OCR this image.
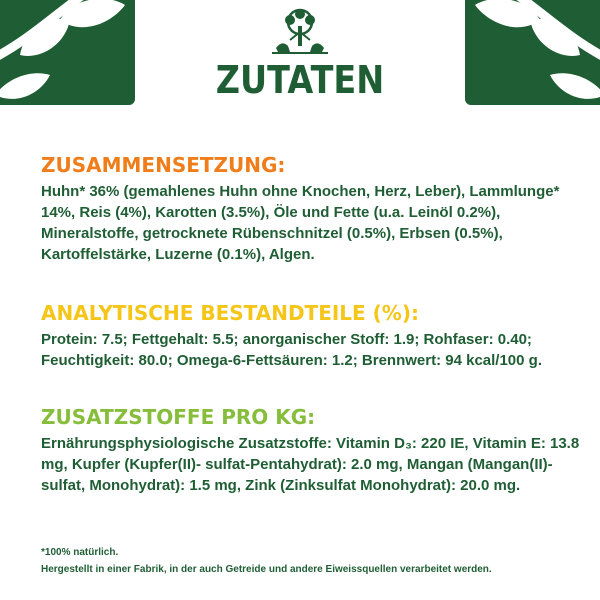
ZUTATEN

ZUSAMMENSETZUNG:

Huhn* 36% (gemahlenes Huhn ohne Knochen, Herz, Leber), Lammlunge* 14%, Reis (4%), Karotten (3.5%), Öle und Fette (u.a. Leinöl 0.2%), Mineralstoffe, getrocknete Rübenschnitzel (0.5%), Erbsen (0.5%), Kartoffelstärke, Luzerne (0.1%), Algen.

ANALYTISCHE BESTANDTEILE (%):

Protein: 7.5; Fettgehalt: 5.5; anorganischer Stoff: 1.9; Rohfaser: 0.40; Feuchtigkeit: 80.0; Omega-6-Fettsäuren: 1.2; Brennwert: 94 kcal/100 g.

ZUSATZSTOFFE PRO KG:

Ernährungsphysiologische Zusatzstoffe: Vitamin D₃: 220 IE, Vitamin E: 13.8 mg, Kupfer (Kupfer(II)- sulfat-Pentahydrat): 2.0 mg, Mangan (Mangan(II)-sulfat, Monohydrat): 1.5 mg, Zink (Zinksulfat Monohydrat): 20.0 mg.

*100% natürlich.

Hergestellt in einer Fabrik, in der auch Getreide und andere Eiweissquellen verarbeitet werden.
